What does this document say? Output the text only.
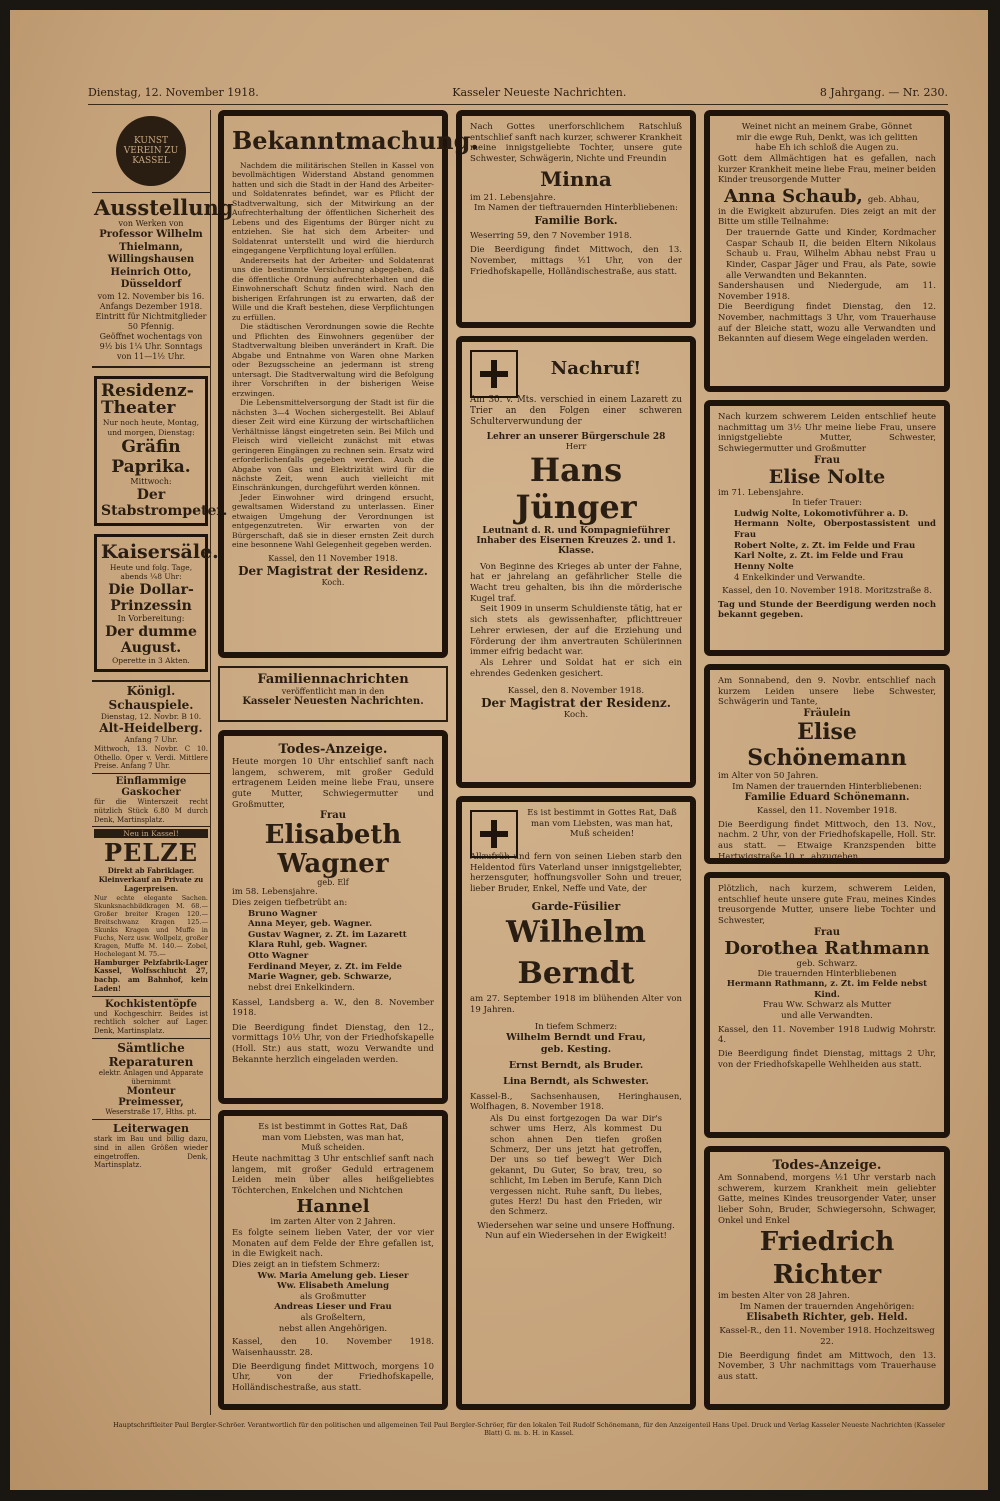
Dienstag, 12. November 1918.	Kasseler Neueste Nachrichten.	8 Jahrgang. — Nr. 230.
KUNST VEREIN ZU KASSEL
Ausstellung

von Werken von

Professor Wilhelm Thielmann, Willingshausen Heinrich Otto, Düsseldorf

vom 12. November bis 16. Anfangs Dezember 1918.

Eintritt für Nichtmitglieder 50 Pfennig.

Geöffnet wochentags von 9½ bis 1¼ Uhr. Sonntags von 11—1½ Uhr.

Residenz-Theater

Nur noch heute, Montag, und morgen, Dienstag:

Gräfin Paprika.

Mittwoch:

Der Stabstrompeter.
Kaisersäle.

Heute und folg. Tage, abends ¼8 Uhr:

Die Dollar-Prinzessin

In Vorbereitung:

Der dumme August.

Operette in 3 Akten.

Königl. Schauspiele.

Dienstag, 12. Novbr. B 10.

Alt-Heidelberg.

Anfang 7 Uhr.

Mittwoch, 13. Novbr. C 10. Othello. Oper v. Verdi. Mittlere Preise. Anfang 7 Uhr.

Einflammige Gaskocher

für die Winterszeit recht nützlich Stück 6.80 M durch Denk, Martinsplatz.

Neu in Kassel!
PELZE

Direkt ab Fabriklager. Kleinverkauf an Private zu Lagerpreisen.

Nur echte elegante Sachen. Skunksnachbildkragen M. 68.— Großer breiter Kragen 120.— Breitschwanz Kragen 125.— Skunks Kragen und Muffe in Fuchs, Nerz usw. Wollpelz, großer Kragen, Muffe M. 140.— Zobel, Hochelegant M. 75.—

Hamburger Pelzfabrik-Lager Kassel, Wolfsschlucht 27, bachp. am Bahnhof, kein Laden!

Kochkistentöpfe

und Kochgeschirr. Beides ist rechtlich solcher auf Lager. Denk, Martinsplatz.

Sämtliche Reparaturen

elektr. Anlagen und Apparate übernimmt

Monteur Preimesser,

Weserstraße 17, Hths. pt.

Leiterwagen

stark im Bau und billig dazu, sind in allen Größen wieder eingetroffen. Denk, Martinsplatz.

Bekanntmachung.

Nachdem die militärischen Stellen in Kassel von bevollmächtigen Widerstand Abstand genommen hatten und sich die Stadt in der Hand des Arbeiter- und Soldatenrates befindet, war es Pflicht der Stadtverwaltung, sich der Mitwirkung an der Aufrechterhaltung der öffentlichen Sicherheit des Lebens und des Eigentums der Bürger nicht zu entziehen. Sie hat sich dem Arbeiter- und Soldatenrat unterstellt und wird die hierdurch eingegangene Verpflichtung loyal erfüllen.

Andererseits hat der Arbeiter- und Soldatenrat uns die bestimmte Versicherung abgegeben, daß die öffentliche Ordnung aufrechterhalten und die Einwohnerschaft Schutz finden wird. Nach den bisherigen Erfahrungen ist zu erwarten, daß der Wille und die Kraft bestehen, diese Verpflichtungen zu erfüllen.

Die städtischen Verordnungen sowie die Rechte und Pflichten des Einwohners gegenüber der Stadtverwaltung bleiben unverändert in Kraft. Die Abgabe und Entnahme von Waren ohne Marken oder Bezugsscheine an jedermann ist streng untersagt. Die Stadtverwaltung wird die Befolgung ihrer Vorschriften in der bisherigen Weise erzwingen.

Die Lebensmittelversorgung der Stadt ist für die nächsten 3—4 Wochen sichergestellt. Bei Ablauf dieser Zeit wird eine Kürzung der wirtschaftlichen Verhältnisse längst eingetreten sein. Bei Milch und Fleisch wird vielleicht zunächst mit etwas geringeren Eingängen zu rechnen sein. Ersatz wird erforderlichenfalls gegeben werden. Auch die Abgabe von Gas und Elektrizität wird für die nächste Zeit, wenn auch vielleicht mit Einschränkungen, durchgeführt werden können.

Jeder Einwohner wird dringend ersucht, gewaltsamen Widerstand zu unterlassen. Einer etwaigen Umgehung der Verordnungen ist entgegenzutreten. Wir erwarten von der Bürgerschaft, daß sie in dieser ernsten Zeit durch eine besonnene Wahl Gelegenheit gegeben werden.

Kassel, den 11 November 1918.

Der Magistrat der Residenz.

Koch.

Familiennachrichten
veröffentlicht man in den
Kasseler Neuesten Nachrichten.
Todes-Anzeige.

Heute morgen 10 Uhr entschlief sanft nach langem, schwerem, mit großer Geduld ertragenem Leiden meine liebe Frau, unsere gute Mutter, Schwiegermutter und Großmutter,

Frau
Elisabeth Wagner
geb. Elf

im 58. Lebensjahre.

Dies zeigen tiefbetrübt an:

Bruno Wagner
Anna Meyer, geb. Wagner.
Gustav Wagner, z. Zt. im Lazarett
Klara Ruhl, geb. Wagner.
Otto Wagner
Ferdinand Meyer, z. Zt. im Felde
Marie Wagner, geb. Schwarze,
nebst drei Enkelkindern.

Kassel, Landsberg a. W., den 8. November 1918.

Die Beerdigung findet Dienstag, den 12., vormittags 10½ Uhr, von der Friedhofskapelle (Holl. Str.) aus statt, wozu Verwandte und Bekannte herzlich eingeladen werden.

Es ist bestimmt in Gottes Rat, Daß man vom Liebsten, was man hat, Muß scheiden.

Heute nachmittag 3 Uhr entschlief sanft nach langem, mit großer Geduld ertragenem Leiden mein über alles heißgeliebtes Töchterchen, Enkelchen und Nichtchen

Hannel

im zarten Alter von 2 Jahren.

Es folgte seinem lieben Vater, der vor vier Monaten auf dem Felde der Ehre gefallen ist, in die Ewigkeit nach.

Dies zeigt an in tiefstem Schmerz:

Ww. Maria Amelung geb. Lieser
Ww. Elisabeth Amelung
als Großmutter
Andreas Lieser und Frau
als Großeltern,
nebst allen Angehörigen.

Kassel, den 10. November 1918. Waisenhausstr. 28.

Die Beerdigung findet Mittwoch, morgens 10 Uhr, von der Friedhofskapelle, Holländischestraße, aus statt.

Nach Gottes unerforschlichem Ratschluß entschlief sanft nach kurzer, schwerer Krankheit meine innigstgeliebte Tochter, unsere gute Schwester, Schwägerin, Nichte und Freundin

Minna

im 21. Lebensjahre.

Im Namen der tieftrauernden Hinterbliebenen:

Familie Bork.

Weserring 59, den 7 November 1918.

Die Beerdigung findet Mittwoch, den 13. November, mittags ½1 Uhr, von der Friedhofskapelle, Holländischestraße, aus statt.

Nachruf!

Am 30. v. Mts. verschied in einem Lazarett zu Trier an den Folgen einer schweren Schulterverwundung der

Lehrer an unserer Bürgerschule 28
Herr
Hans Jünger
Leutnant d. R. und Kompagnieführer
Inhaber des Eisernen Kreuzes 2. und 1. Klasse.

Von Beginne des Krieges ab unter der Fahne, hat er jahrelang an gefährlicher Stelle die Wacht treu gehalten, bis ihn die mörderische Kugel traf.

Seit 1909 in unserm Schuldienste tätig, hat er sich stets als gewissenhafter, pflichttreuer Lehrer erwiesen, der auf die Erziehung und Förderung der ihm anvertrauten Schülerinnen immer eifrig bedacht war.

Als Lehrer und Soldat hat er sich ein ehrendes Gedenken gesichert.

Kassel, den 8. November 1918.

Der Magistrat der Residenz.
Koch.

Es ist bestimmt in Gottes Rat, Daß man vom Liebsten, was man hat, Muß scheiden!

Allzufrüh und fern von seinen Lieben starb den Heldentod fürs Vaterland unser innigstgeliebter, herzensguter, hoffnungsvoller Sohn und treuer, lieber Bruder, Enkel, Neffe und Vate, der

Garde-Füsilier
Wilhelm Berndt

am 27. September 1918 im blühenden Alter von 19 Jahren.

In tiefem Schmerz:

Wilhelm Berndt und Frau,
geb. Kesting.
Ernst Berndt, als Bruder.
Lina Berndt, als Schwester.

Kassel-B., Sachsenhausen, Heringhausen, Wolfhagen, 8. November 1918.

Als Du einst fortgezogen Da war Dir's schwer ums Herz, Als kommest Du schon ahnen Den tiefen großen Schmerz, Der uns jetzt hat getroffen, Der uns so tief beweg't Wer Dich gekannt, Du Guter, So brav, treu, so schlicht, Im Leben im Berufe, Kann Dich vergessen nicht. Ruhe sanft, Du liebes, gutes Herz! Du hast den Frieden, wir den Schmerz.

Wiedersehen war seine und unsere Hoffnung. Nun auf ein Wiedersehen in der Ewigkeit!

Weinet nicht an meinem Grabe, Gönnet mir die ewge Ruh, Denkt, was ich gelitten habe Eh ich schloß die Augen zu.

Gott dem Allmächtigen hat es gefallen, nach kurzer Krankheit meine liebe Frau, meiner beiden Kinder treusorgende Mutter

Anna Schaub, geb. Abhau,

in die Ewigkeit abzurufen. Dies zeigt an mit der Bitte um stille Teilnahme:

Der trauernde Gatte und Kinder, Kordmacher Caspar Schaub II, die beiden Eltern Nikolaus Schaub u. Frau, Wilhelm Abhau nebst Frau u Kinder, Caspar Jäger und Frau, als Pate, sowie alle Verwandten und Bekannten.

Sandershausen und Niedergude, am 11. November 1918.

Die Beerdigung findet Dienstag, den 12. November, nachmittags 3 Uhr, vom Trauerhause auf der Bleiche statt, wozu alle Verwandten und Bekannten auf diesem Wege eingeladen werden.

Nach kurzem schwerem Leiden entschlief heute nachmittag um 3½ Uhr meine liebe Frau, unsere innigstgeliebte Mutter, Schwester, Schwiegermutter und Großmutter

Frau
Elise Nolte

im 71. Lebensjahre.

In tiefer Trauer:

Ludwig Nolte, Lokomotivführer a. D.
Hermann Nolte, Oberpostassistent und Frau
Robert Nolte, z. Zt. im Felde und Frau
Karl Nolte, z. Zt. im Felde und Frau
Henny Nolte
4 Enkelkinder und Verwandte.

Kassel, den 10. November 1918. Moritzstraße 8.

Tag und Stunde der Beerdigung werden noch bekannt gegeben.

Am Sonnabend, den 9. Novbr. entschlief nach kurzem Leiden unsere liebe Schwester, Schwägerin und Tante,

Fräulein
Elise Schönemann

im Alter von 50 Jahren.

Im Namen der trauernden Hinterbliebenen:

Familie Eduard Schönemann.

Kassel, den 11. November 1918.

Die Beerdigung findet Mittwoch, den 13. Nov., nachm. 2 Uhr, von der Friedhofskapelle, Holl. Str. aus statt. — Etwaige Kranzspenden bitte Hartwigstraße 10, r., abzugeben.

Plötzlich, nach kurzem, schwerem Leiden, entschlief heute unsere gute Frau, meines Kindes treusorgende Mutter, unsere liebe Tochter und Schwester,

Frau
Dorothea Rathmann
geb. Schwarz.

Die trauernden Hinterbliebenen

Hermann Rathmann, z. Zt. im Felde nebst Kind.
Frau Ww. Schwarz als Mutter
und alle Verwandten.

Kassel, den 11. November 1918 Ludwig Mohrstr. 4.

Die Beerdigung findet Dienstag, mittags 2 Uhr, von der Friedhofskapelle Wehlheiden aus statt.

Todes-Anzeige.

Am Sonnabend, morgens ½1 Uhr verstarb nach schwerem, kurzem Krankheit mein geliebter Gatte, meines Kindes treusorgender Vater, unser lieber Sohn, Bruder, Schwiegersohn, Schwager, Onkel und Enkel

Friedrich Richter

im besten Alter von 28 Jahren.

Im Namen der trauernden Angehörigen:

Elisabeth Richter, geb. Held.

Kassel-R., den 11. November 1918. Hochzeitsweg 22.

Die Beerdigung findet am Mittwoch, den 13. November, 3 Uhr nachmittags vom Trauerhause aus statt.

Hauptschriftleiter Paul Bergler-Schröer. Verantwortlich für den politischen und allgemeinen Teil Paul Bergler-Schröer, für den lokalen Teil Rudolf Schönemann, für den Anzeigenteil Hans Upel. Druck und Verlag Kasseler Neueste Nachrichten (Kasseler Blatt) G. m. b. H. in Kassel.
